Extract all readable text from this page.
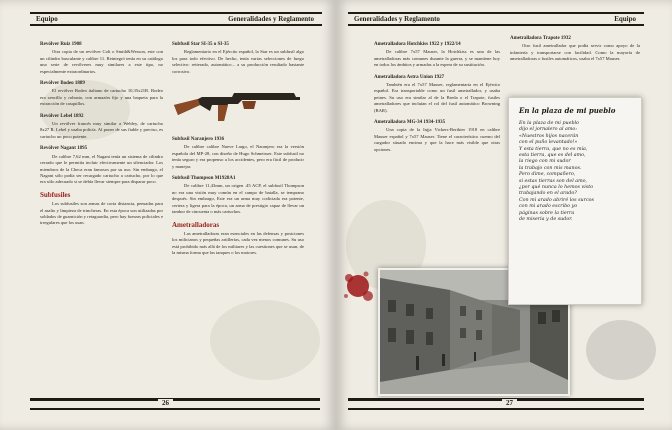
Equipo	Generalidades y Reglamento
Revólver Ruiz 1908

Otra copia de un revólver Colt o Smith&Wesson, este con un cilindro basculante y calibre 11. Reintegró tenía en su catálogo una serie de revólveres muy similares a este tipo, no especialmente extraordinarios.

Revólver Bodeo 1889

El revólver Bodeo italiano de cartucho 10,35x21R. Bodeo era sencillo y robusto, con armazón fijo y una baqueta para la extracción de casquillos.

Revólver Lebel 1892

Un revólver francés muy similar a Webley, de cartucho 8x27 R. Lebel y usaba policía. Al poner de sus fiable y preciso, es cartucho un poco potente.

Revólver Nagant 1895

De calibre 7,62 mm, el Nagant tenía un sistema de cilindro cerrado que le permitía incluir efectivamente un silenciador. Los miembros de la Checa eran famosos por su uso. Sin embargo, el Nagant sólo podía ser recargado cartucho a cartucho, por lo que era sólo adecuado si se debía llevar siempre para disparar poco.

Subfusiles

Los subfusiles son armas de corta distancia, pensadas para el asalto y limpieza de trincheras. En esta época son utilizadas por soldados de guarnición y retaguardia, pero hay fuerzas policiales e irregulares que los usan.

Subfusil Star SI-35 o SI-35

Reglamentario en el Ejército español, la Star es un subfusil algo los para todo efectivo. De hecho, tenía varias selecciones de fuego selectivo: reiterado, automático... a su producción resultado bastante corrosivo.

Subfusil Naranjero 1936

De calibre calibre Nueve Largo, el Naranjero era la versión española del MP-28, con diseño de Hugo Schmeisser. Este subfusil no tenía seguro y era propenso a los accidentes, pero era fácil de producir y manejar.

Subfusil Thompson M1928A1

De calibre 11,43mm, un origen .45 ACP, el subfusil Thompson no era una visión muy común en el campo de batalla, se temprano después. Sin embargo, Este era un arma muy codiciada era potente, certera y ligera para la época, un arma de prestigio capaz de llevar un tambor de cincuenta o más cartuchos.

Ametralladoras

Las ametralladoras eran esenciales en las defensas y posiciones los milicianos y pequeñas artillerías, cada vez menos comunes. Su uso está prohibido más allá de los militares y las cuestiones que se usan, de la misma forma que las tanques o los motores.

26
Generalidades y Reglamento	Equipo
Ametralladora Hotchkiss 1922 y 1922/14

De calibre 7x57 Mauser, la Hotchkiss es una de las ametralladoras más comunes durante la guerra, y se mantiene hoy en todos los ámbitos y armadas a la espera de su sustitución.

Ametralladora Astra Union 1927

También era el 7x57 Mauser, reglamentaria en el Ejército español. Era transportable como un fusil ametrallador, y usaba peines. Su uso era similar al de la Breda o el Trapote, fusiles ametralladores que incluían el rol del fusil automático Browning (BAR).

Ametralladora MG-34 1934-1935

Una copia de la Injja Vickers-Berthier 1918 en calibre Mauser español y 7x57 Mauser. Tiene el característico cuerno del cargador situado encima y que la hace más visible que otras opciones.

Ametralladora Trapote 1932

Otro fusil ametrallador que podía servir como apoyo de la infantería y transportarse con facilidad. Como la mayoría de ametralladoras o fusiles automáticos, usaba el 7x57 Mauser.

27
En la plaza de mi pueblo
En la plaza de mi pueblo
dijo el jornalero al amo:
«Nuestros hijos nacerán
con el puño levantado!»
Y esta tierra, que no es mía,
esta tierra, que es del amo,
la riego con mi sudor
la trabajo con mis manos.
Pero dime, compañero,
si estas tierras son del amo,
¿por qué nunca lo hemos visto
trabajando en el arado?
Con mi arado abriré los surcos
con mi arado escribo yo
páginas sobre la tierra
de miseria y de sudor.
